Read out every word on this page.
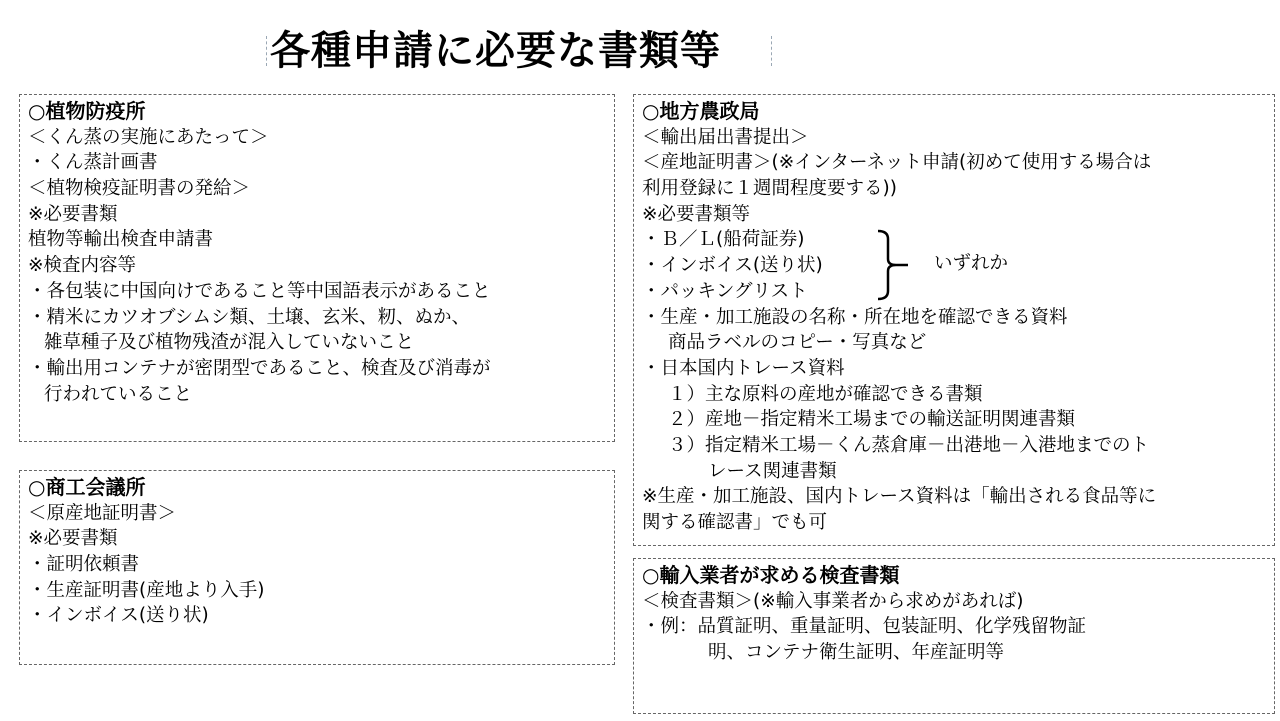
各種申請に必要な書類等
○植物防疫所
＜くん蒸の実施にあたって＞
・くん蒸計画書
＜植物検疫証明書の発給＞
※必要書類
植物等輸出検査申請書
※検査内容等
・各包装に中国向けであること等中国語表示があること
・精米にカツオブシムシ類、土壌、玄米、籾、ぬか、
雑草種子及び植物残渣が混入していないこと
・輸出用コンテナが密閉型であること、検査及び消毒が
行われていること
○商工会議所
＜原産地証明書＞
※必要書類
・証明依頼書
・生産証明書(産地より入手)
・インボイス(送り状)
○地方農政局
＜輸出届出書提出＞
＜産地証明書＞(※インターネット申請(初めて使用する場合は
利用登録に１週間程度要する))
※必要書類等
・Ｂ／Ｌ(船荷証券)
・インボイス(送り状)
・パッキングリスト
いずれか
・生産・加工施設の名称・所在地を確認できる資料
商品ラベルのコピー・写真など
・日本国内トレース資料
１）主な原料の産地が確認できる書類
２）産地－指定精米工場までの輸送証明関連書類
３）指定精米工場－くん蒸倉庫－出港地－入港地までのト
レース関連書類
※生産・加工施設、国内トレース資料は「輸出される食品等に
関する確認書」でも可
○輸入業者が求める検査書類
＜検査書類＞(※輸入事業者から求めがあれば)
・例：品質証明、重量証明、包装証明、化学残留物証
明、コンテナ衛生証明、年産証明等
